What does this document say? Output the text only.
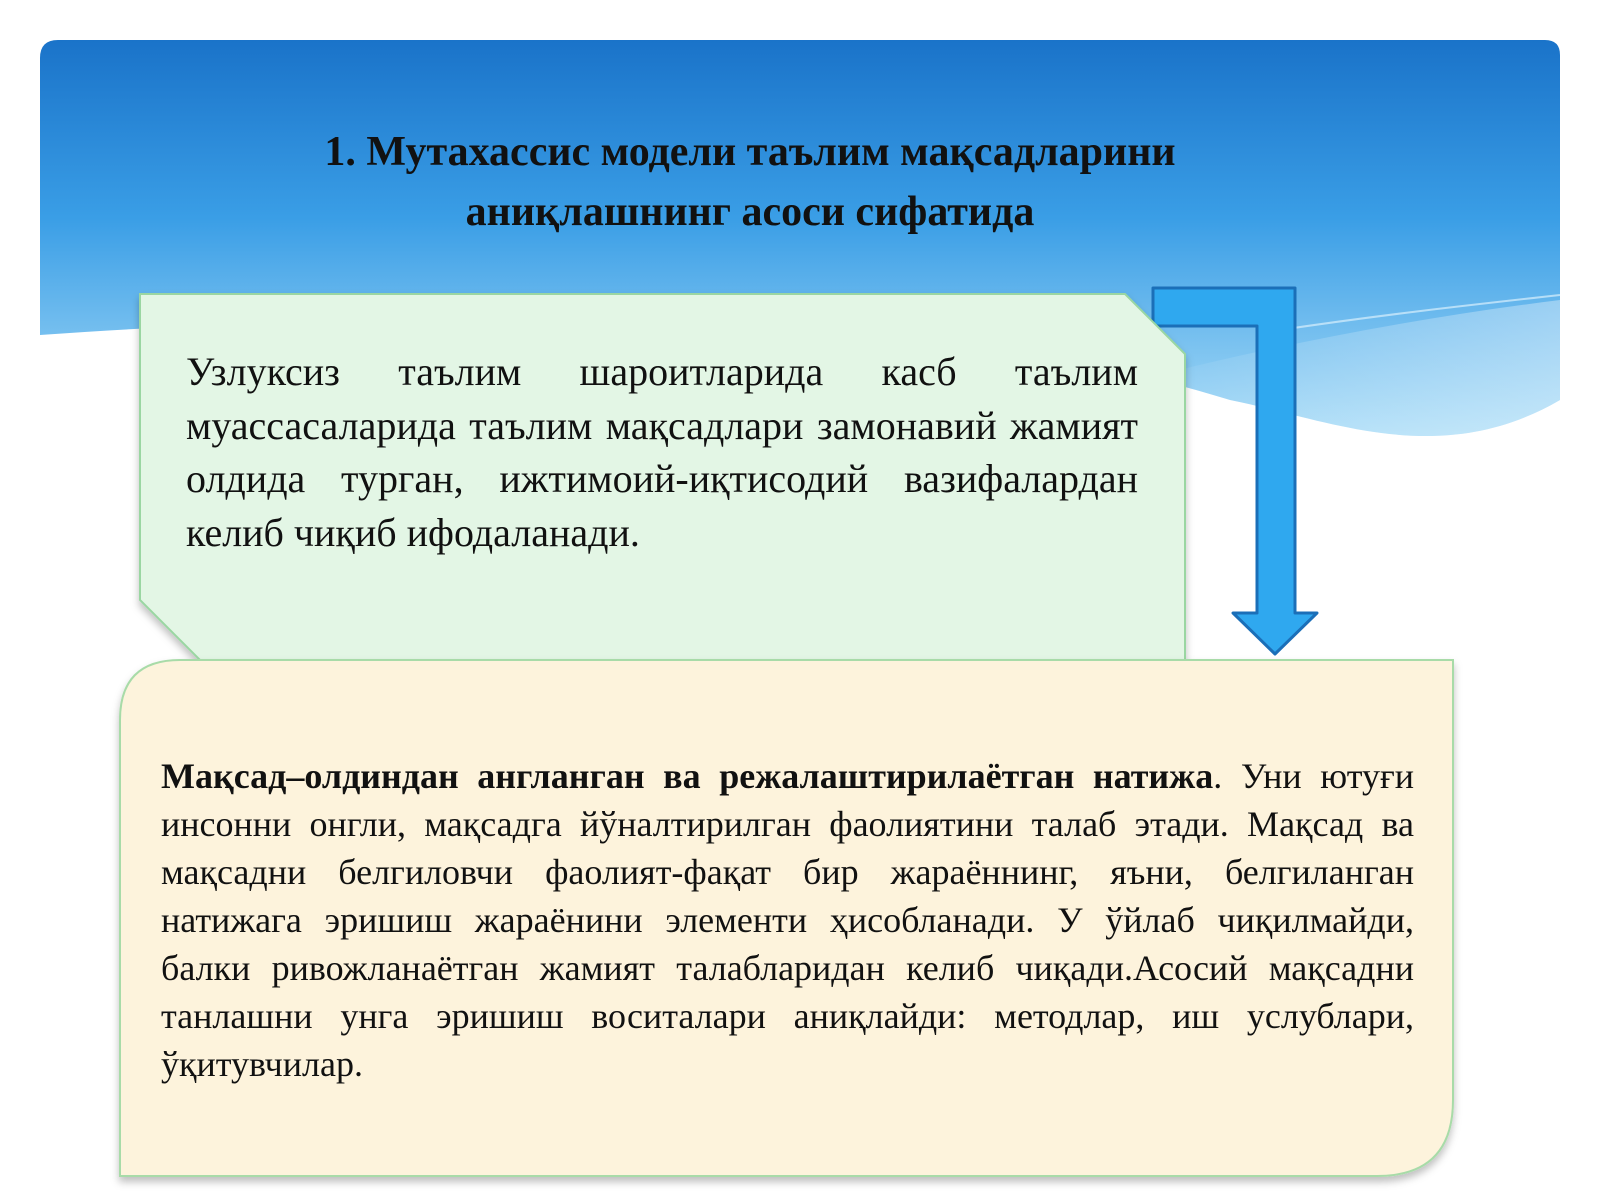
1. Мутахассис модели таълим мақсадларини
аниқлашнинг асоси сифатида

Узлуксиз таълим шароитларида касб таълим муассасаларида таълим мақсадлари замонавий жамият олдида турган, ижтимоий-иқтисодий вазифалардан келиб чиқиб ифодаланади.

Мақсад–олдиндан англанган ва режалаштирилаётган натижа. Уни ютуғи инсонни онгли, мақсадга йўналтирилган фаолиятини талаб этади. Мақсад ва мақсадни белгиловчи фаолият-фақат бир жараённинг, яъни, белгиланган натижага эришиш жараёнини элементи ҳисобланади. У ўйлаб чиқилмайди, балки ривожланаётган жамият талабларидан келиб чиқади.Асосий мақсадни танлашни унга эришиш воситалари аниқлайди: методлар, иш услублари, ўқитувчилар.
